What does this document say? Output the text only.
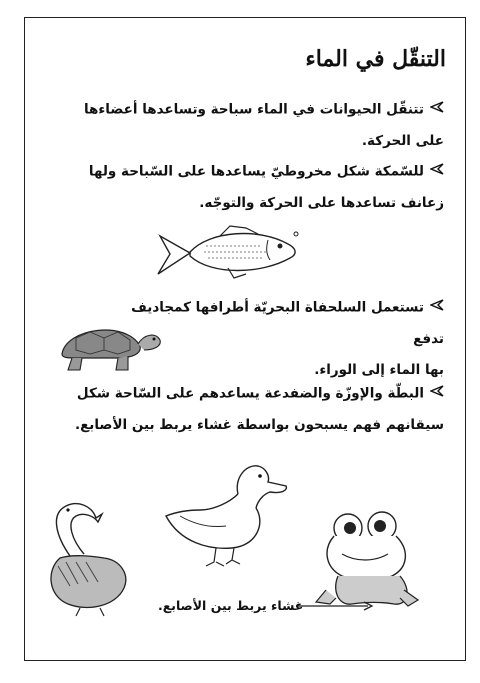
التنقّل في الماء
تتنقّل الحيوانات في الماء سباحة وتساعدها أعضاءها
على الحركة.
للسّمكة شكل مخروطيّ يساعدها على السّباحة ولها
زعانف تساعدها على الحركة والتوجّه.
تستعمل السلحفاة البحريّة أطرافها كمجاديف تدفع
بها الماء إلى الوراء.
البطّة والإوزّة والضفدعة يساعدهم على السّاحة شكل
سيقانهم فهم يسبحون بواسطة غشاء يربط بين الأصابع.
غشاء يربط بين الأصابع.
